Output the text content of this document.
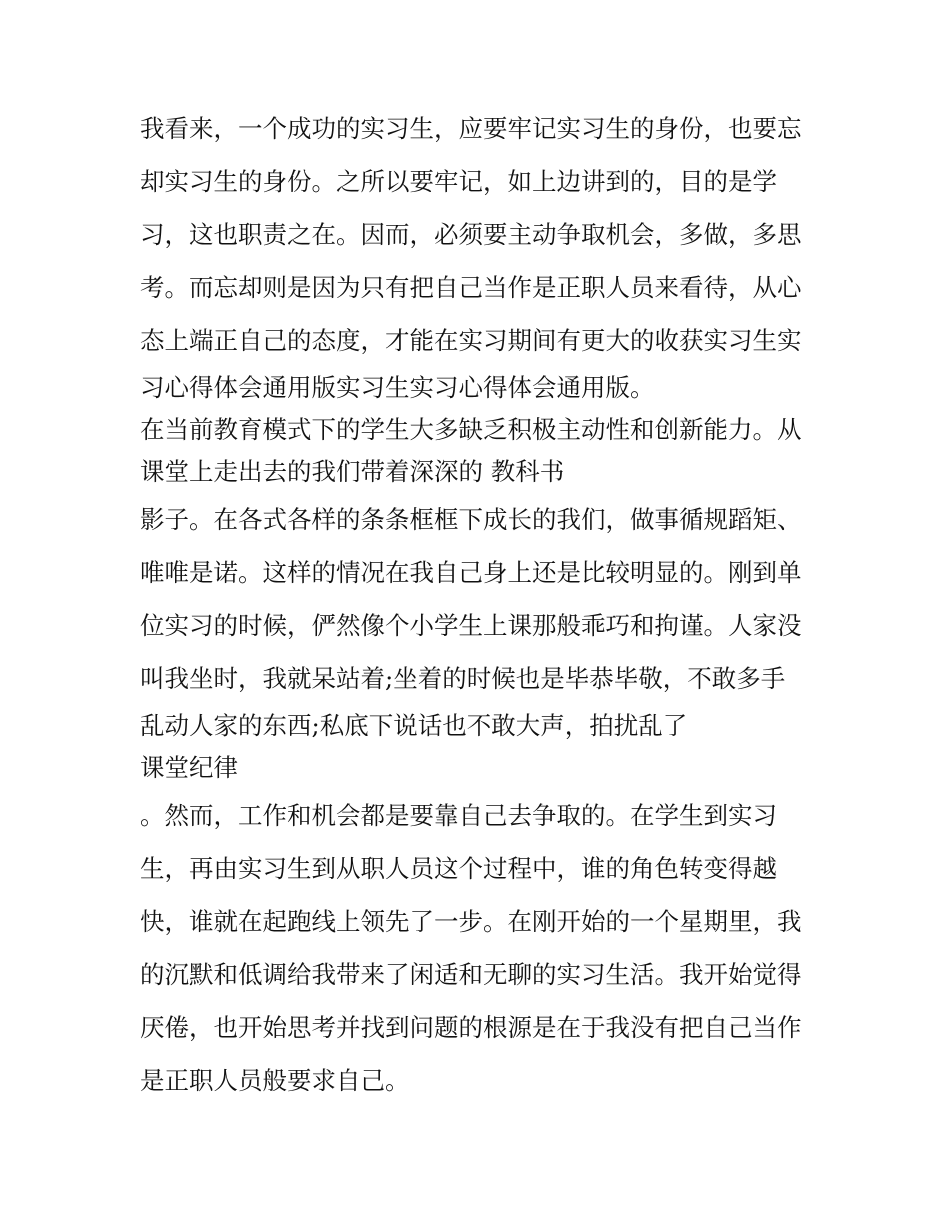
我看来，一个成功的实习生，应要牢记实习生的身份，也要忘
却实习生的身份。之所以要牢记，如上边讲到的，目的是学
习，这也职责之在。因而，必须要主动争取机会，多做，多思
考。而忘却则是因为只有把自己当作是正职人员来看待，从心
态上端正自己的态度，才能在实习期间有更大的收获实习生实
习心得体会通用版实习生实习心得体会通用版。
在当前教育模式下的学生大多缺乏积极主动性和创新能力。从
课堂上走出去的我们带着深深的 教科书
影子。在各式各样的条条框框下成长的我们，做事循规蹈矩、
唯唯是诺。这样的情况在我自己身上还是比较明显的。刚到单
位实习的时候，俨然像个小学生上课那般乖巧和拘谨。人家没
叫我坐时，我就呆站着;坐着的时候也是毕恭毕敬，不敢多手
乱动人家的东西;私底下说话也不敢大声，拍扰乱了
课堂纪律
。然而，工作和机会都是要靠自己去争取的。在学生到实习
生，再由实习生到从职人员这个过程中，谁的角色转变得越
快，谁就在起跑线上领先了一步。在刚开始的一个星期里，我
的沉默和低调给我带来了闲适和无聊的实习生活。我开始觉得
厌倦，也开始思考并找到问题的根源是在于我没有把自己当作
是正职人员般要求自己。
